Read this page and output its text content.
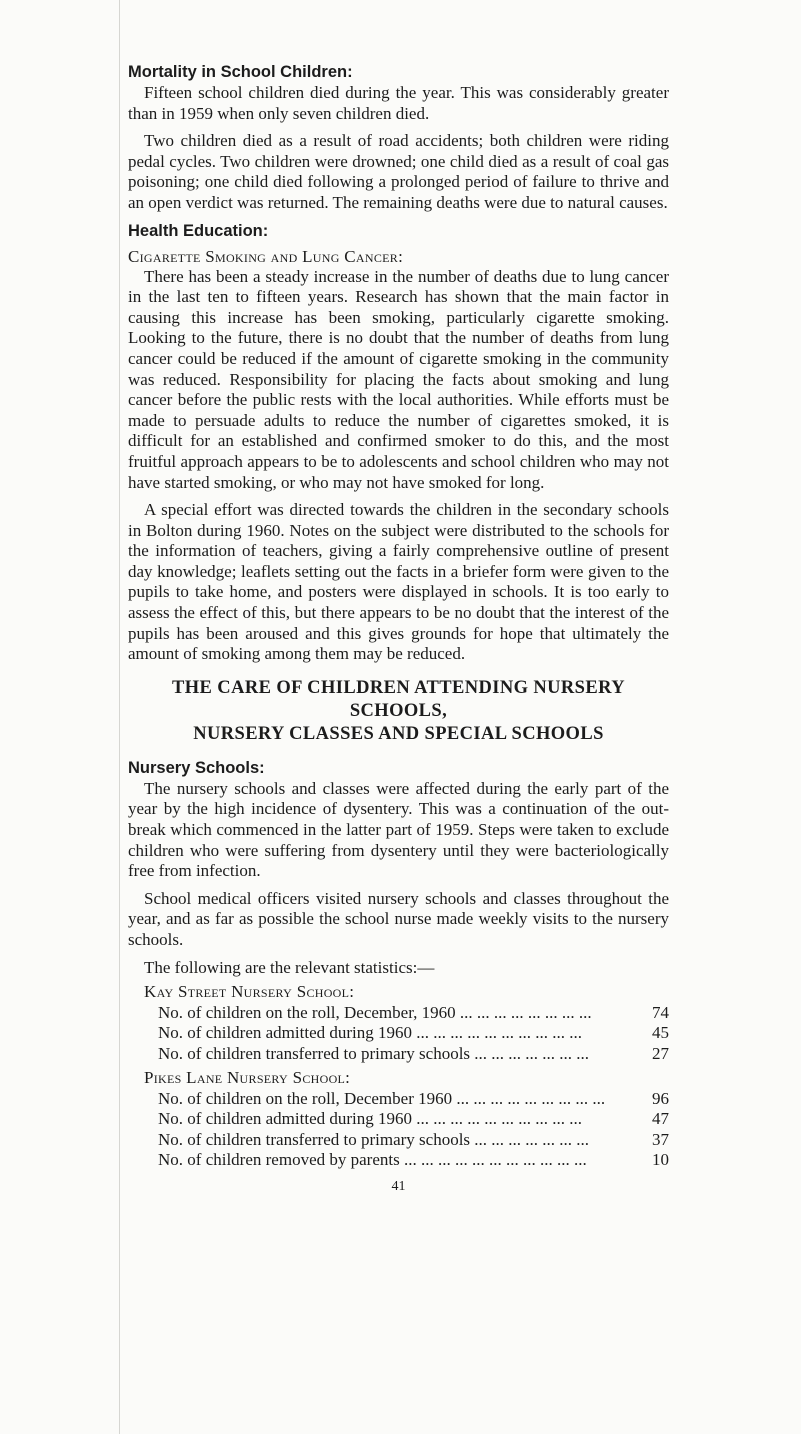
Mortality in School Children:

Fifteen school children died during the year. This was considerably greater than in 1959 when only seven children died.

Two children died as a result of road accidents; both children were riding pedal cycles. Two children were drowned; one child died as a result of coal gas poisoning; one child died following a prolonged period of failure to thrive and an open verdict was returned. The remaining deaths were due to natural causes.

Health Education:

Cigarette Smoking and Lung Cancer:

There has been a steady increase in the number of deaths due to lung cancer in the last ten to fifteen years. Research has shown that the main factor in causing this increase has been smoking, particularly cigarette smoking. Looking to the future, there is no doubt that the number of deaths from lung cancer could be reduced if the amount of cigarette smoking in the community was reduced. Responsibility for placing the facts about smoking and lung cancer before the public rests with the local authorities. While efforts must be made to persuade adults to reduce the number of cigarettes smoked, it is difficult for an established and confirmed smoker to do this, and the most fruitful approach appears to be to adolescents and school children who may not have started smoking, or who may not have smoked for long.

A special effort was directed towards the children in the secondary schools in Bolton during 1960. Notes on the subject were distributed to the schools for the information of teachers, giving a fairly comprehensive outline of present day knowledge; leaflets setting out the facts in a briefer form were given to the pupils to take home, and posters were displayed in schools. It is too early to assess the effect of this, but there appears to be no doubt that the interest of the pupils has been aroused and this gives grounds for hope that ultimately the amount of smoking among them may be reduced.

THE CARE OF CHILDREN ATTENDING NURSERY SCHOOLS,
NURSERY CLASSES AND SPECIAL SCHOOLS
Nursery Schools:

The nursery schools and classes were affected during the early part of the year by the high incidence of dysentery. This was a continuation of the out-break which commenced in the latter part of 1959. Steps were taken to exclude children who were suffering from dysentery until they were bacteriologically free from infection.

School medical officers visited nursery schools and classes throughout the year, and as far as possible the school nurse made weekly visits to the nursery schools.

The following are the relevant statistics:—

Kay Street Nursery School:
No. of children on the roll, December, 1960 ... ... ... ... ... ... ... ...	74
No. of children admitted during 1960 ... ... ... ... ... ... ... ... ... ...	45
No. of children transferred to primary schools ... ... ... ... ... ... ...	27
Pikes Lane Nursery School:
No. of children on the roll, December 1960 ... ... ... ... ... ... ... ... ...	96
No. of children admitted during 1960 ... ... ... ... ... ... ... ... ... ...	47
No. of children transferred to primary schools ... ... ... ... ... ... ...	37
No. of children removed by parents ... ... ... ... ... ... ... ... ... ... ...	10
41
